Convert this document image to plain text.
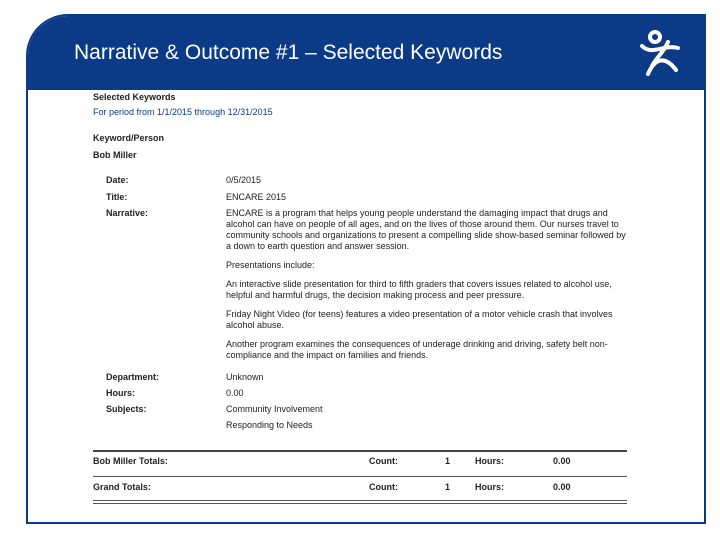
Narrative & Outcome #1 – Selected Keywords
Selected Keywords
For period from 1/1/2015 through 12/31/2015
Keyword/Person
Bob Miller
Date:	0/5/2015
Title:	ENCARE 2015
Narrative:	ENCARE is a program that helps young people understand the damaging impact that drugs and alcohol can have on people of all ages, and on the lives of those around them. Our nurses travel to community schools and organizations to present a compelling slide show-based seminar followed by a down to earth question and answer session.
Presentations include:
An interactive slide presentation for third to fifth graders that covers issues related to alcohol use, helpful and harmful drugs, the decision making process and peer pressure.
Friday Night Video (for teens) features a video presentation of a motor vehicle crash that involves alcohol abuse.
Another program examines the consequences of underage drinking and driving, safety belt non-compliance and the impact on families and friends.
Department:	Unknown
Hours:	0.00
Subjects:	Community Involvement
Responding to Needs
Bob Miller Totals:	Count:	1	Hours:	0.00
Grand Totals:	Count:	1	Hours:	0.00
